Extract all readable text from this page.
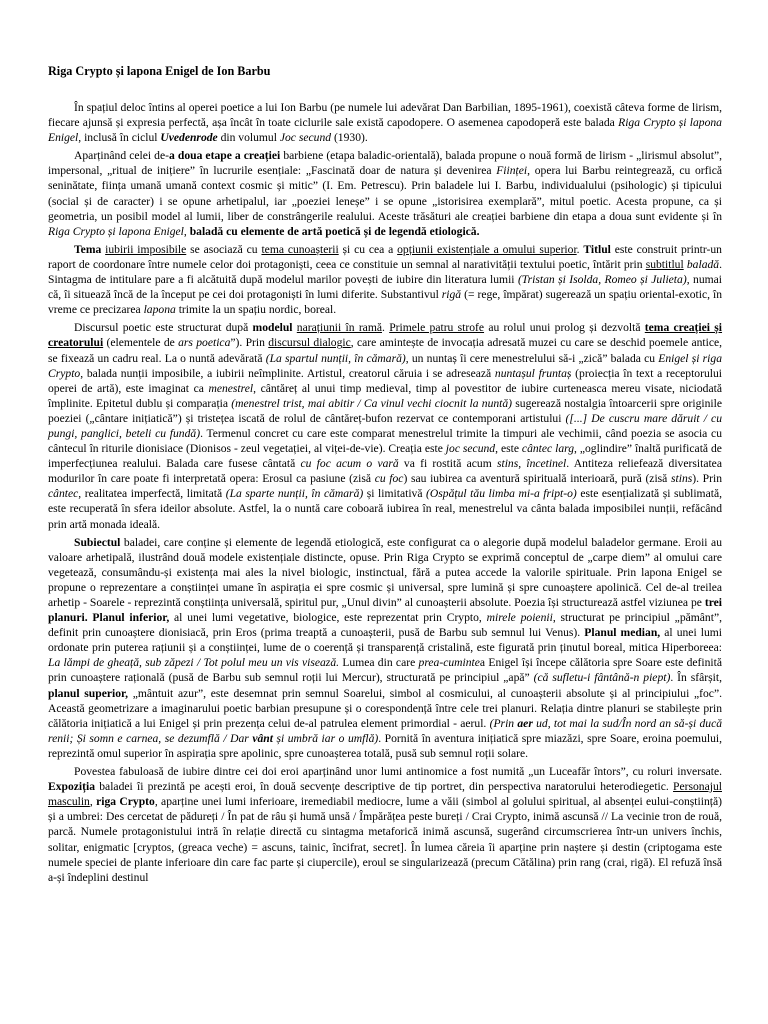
Riga Crypto și lapona Enigel de Ion Barbu

În spațiul deloc întins al operei poetice a lui Ion Barbu (pe numele lui adevărat Dan Barbilian, 1895-1961), coexistă câteva forme de lirism, fiecare ajunsă și expresia perfectă, așa încât în toate ciclurile sale există capodopere. O asemenea capodoperă este balada Riga Crypto și lapona Enigel, inclusă în ciclul Uvedenrode din volumul Joc secund (1930).

Aparținând celei de-a doua etape a creației barbiene (etapa baladic-orientală), balada propune o nouă formă de lirism - „lirismul absolut”, impersonal, „ritual de inițiere” în lucrurile esențiale: „Fascinată doar de natura și devenirea Ființei, opera lui Barbu reintegrează, cu orfică seninătate, ființa umană umană context cosmic și mitic” (I. Em. Petrescu). Prin baladele lui I. Barbu, individualului (psihologic) și tipicului (social și de caracter) i se opune arhetipalul, iar „poeziei leneșe” i se opune „istorisirea exemplară”, mitul poetic. Acesta propune, ca și geometria, un posibil model al lumii, liber de constrângerile realului. Aceste trăsături ale creației barbiene din etapa a doua sunt evidente și în Riga Crypto și lapona Enigel, baladă cu elemente de artă poetică și de legendă etiologică.

Tema iubirii imposibile se asociază cu tema cunoașterii și cu cea a opțiunii existențiale a omului superior. Titlul este construit printr-un raport de coordonare între numele celor doi protagoniști, ceea ce constituie un semnal al narativității textului poetic, întărit prin subtitlul baladă. Sintagma de intitulare pare a fi alcătuită după modelul marilor povești de iubire din literatura lumii (Tristan și Isolda, Romeo și Julieta), numai că, îi situează încă de la început pe cei doi protagoniști în lumi diferite. Substantivul rigă (= rege, împărat) sugerează un spațiu oriental-exotic, în vreme ce precizarea lapona trimite la un spațiu nordic, boreal.

Discursul poetic este structurat după modelul narațiunii în ramă. Primele patru strofe au rolul unui prolog și dezvoltă tema creației și creatorului (elementele de ars poetica”). Prin discursul dialogic, care amintește de invocația adresată muzei cu care se deschid poemele antice, se fixează un cadru real. La o nuntă adevărată (La spartul nunții, în cămară), un nuntaș îi cere menestrelului să-i „zică” balada cu Enigel și riga Crypto, balada nunții imposibile, a iubirii neîmplinite. Artistul, creatorul căruia i se adresează nuntașul fruntaș (proiecția în text a receptorului operei de artă), este imaginat ca menestrel, cântăreț al unui timp medieval, timp al povestitor de iubire curteneasca mereu visate, niciodată împlinite. Epitetul dublu și comparația (menestrel trist, mai abitir / Ca vinul vechi ciocnit la nuntă) sugerează nostalgia întoarcerii spre originile poeziei („cântare inițiatică”) și tristețea iscată de rolul de cântăreț-bufon rezervat ce contemporani artistului ([...] De cuscru mare dăruit / cu pungi, panglici, beteli cu fundă). Termenul concret cu care este comparat menestrelul trimite la timpuri ale vechimii, când poezia se asocia cu cântecul în riturile dionisiace (Dionisos - zeul vegetației, al viței-de-vie). Creația este joc secund, este cântec larg, „oglindire” înaltă purificată de imperfecțiunea realului. Balada care fusese cântată cu foc acum o vară va fi rostită acum stins, încetinel. Antiteza reliefează diversitatea modurilor în care poate fi interpretată opera: Erosul ca pasiune (zisă cu foc) sau iubirea ca aventură spirituală interioară, pură (zisă stins). Prin cântec, realitatea imperfectă, limitată (La sparte nunții, în cămară) și limitativă (Ospățul tău limba mi-a fript-o) este esențializată și sublimată, este recuperată în sfera ideilor absolute. Astfel, la o nuntă care coboară iubirea în real, menestrelul va cânta balada imposibilei nunții, refăcând prin artă monada ideală.

Subiectul baladei, care conține și elemente de legendă etiologică, este configurat ca o alegorie după modelul baladelor germane. Eroii au valoare arhetipală, ilustrând două modele existențiale distincte, opuse. Prin Riga Crypto se exprimă conceptul de „carpe diem” al omului care vegetează, consumându-și existența mai ales la nivel biologic, instinctual, fără a putea accede la valorile spirituale. Prin lapona Enigel se propune o reprezentare a conștiinței umane în aspirația ei spre cosmic și universal, spre lumină și spre cunoaștere apolinică. Cel de-al treilea arhetip - Soarele - reprezintă conștiința universală, spiritul pur, „Unul divin” al cunoașterii absolute. Poezia își structurează astfel viziunea pe trei planuri. Planul inferior, al unei lumi vegetative, biologice, este reprezentat prin Crypto, mirele poienii, structurat pe principiul „pământ”, definit prin cunoaștere dionisiacă, prin Eros (prima treaptă a cunoașterii, pusă de Barbu sub semnul lui Venus). Planul median, al unei lumi ordonate prin puterea rațiunii și a conștiinței, lume de o coerență și transparență cristalină, este figurată prin ținutul boreal, mitica Hiperboreea: La lămpi de gheață, sub zăpezi / Tot polul meu un vis visează. Lumea din care prea-cumintea Enigel își începe călătoria spre Soare este definită prin cunoaștere rațională (pusă de Barbu sub semnul roții lui Mercur), structurată pe principiul „apă” (că sufletu-i fântână-n piept). În sfârșit, planul superior, „mântuit azur”, este desemnat prin semnul Soarelui, simbol al cosmicului, al cunoașterii absolute și al principiului „foc”. Această geometrizare a imaginarului poetic barbian presupune și o corespondență între cele trei planuri. Relația dintre planuri se stabilește prin călătoria inițiatică a lui Enigel și prin prezența celui de-al patrulea element primordial - aerul. (Prin aer ud, tot mai la sud/În nord an să-și ducă renii; Și somn e carnea, se dezumflă / Dar vânt și umbră iar o umflă). Pornită în aventura inițiatică spre miazăzi, spre Soare, eroina poemului, reprezintă omul superior în aspirația spre apolinic, spre cunoașterea totală, pusă sub semnul roții solare.

Povestea fabuloasă de iubire dintre cei doi eroi aparținând unor lumi antinomice a fost numită „un Luceafăr întors”, cu roluri inversate. Expoziția baladei îi prezintă pe acești eroi, în două secvențe descriptive de tip portret, din perspectiva naratorului heterodiegetic. Personajul masculin, riga Crypto, aparține unei lumi inferioare, iremediabil mediocre, lume a văii (simbol al golului spiritual, al absenței eului-conștiință) și a umbrei: Des cercetat de pădureți / În pat de râu și humă unsă / Împărățea peste bureți / Crai Crypto, inimă ascunsă // La vecinie tron de rouă, parcă. Numele protagonistului intră în relație directă cu sintagma metaforică inimă ascunsă, sugerând circumscrierea într-un univers închis, solitar, enigmatic [cryptos, (greaca veche) = ascuns, tainic, încifrat, secret]. În lumea căreia îi aparține prin naștere și destin (criptogama este numele speciei de plante inferioare din care fac parte și ciupercile), eroul se singularizează (precum Cătălina) prin rang (crai, rigă). El refuză însă a-și îndeplini destinul
